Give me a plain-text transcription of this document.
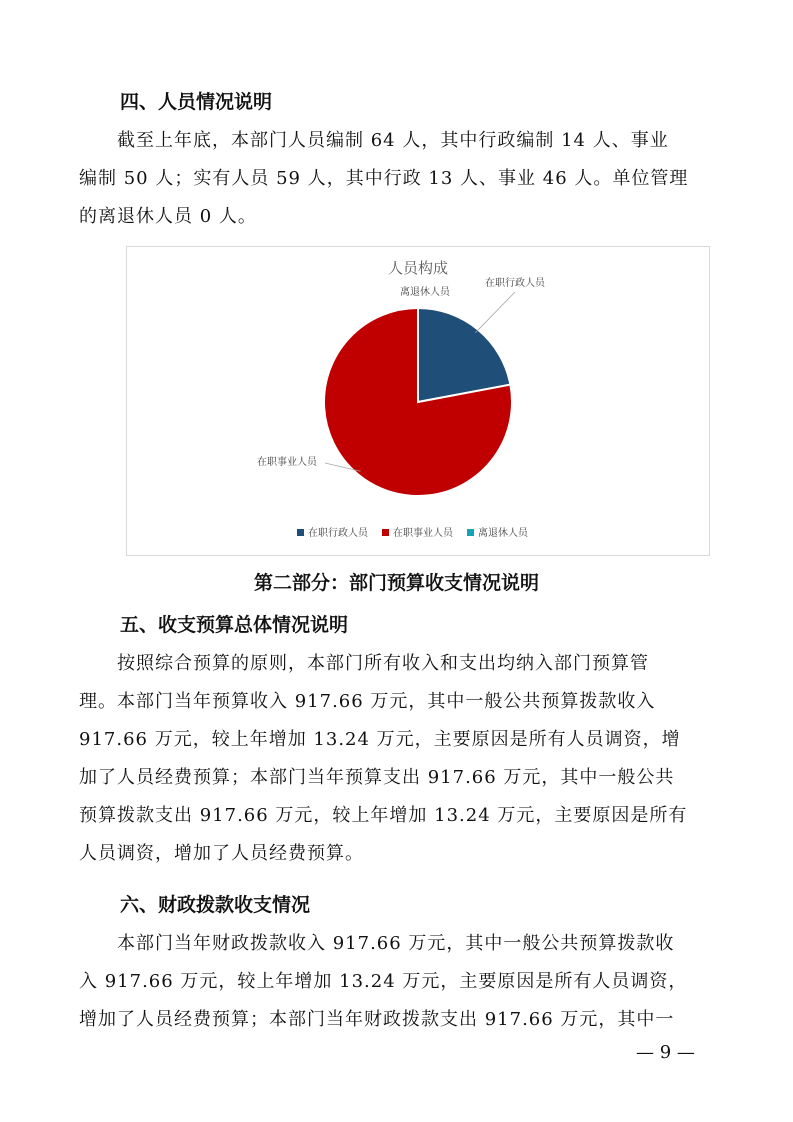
四、人员情况说明
　　截至上年底，本部门人员编制 64 人，其中行政编制 14 人、事业
编制 50 人；实有人员 59 人，其中行政 13 人、事业 46 人。单位管理
的离退休人员 0 人。
人员构成
在职行政人员
在职事业人员
离退休人员
在职行政人员	在职事业人员	离退休人员
第二部分：部门预算收支情况说明
五、收支预算总体情况说明
　　按照综合预算的原则，本部门所有收入和支出均纳入部门预算管
理。本部门当年预算收入 917.66 万元，其中一般公共预算拨款收入
917.66 万元，较上年增加 13.24 万元，主要原因是所有人员调资，增
加了人员经费预算；本部门当年预算支出 917.66 万元，其中一般公共
预算拨款支出 917.66 万元，较上年增加 13.24 万元，主要原因是所有
人员调资，增加了人员经费预算。
六、财政拨款收支情况
　　本部门当年财政拨款收入 917.66 万元，其中一般公共预算拨款收
入 917.66 万元，较上年增加 13.24 万元，主要原因是所有人员调资，
增加了人员经费预算；本部门当年财政拨款支出 917.66 万元，其中一
— 9 —
